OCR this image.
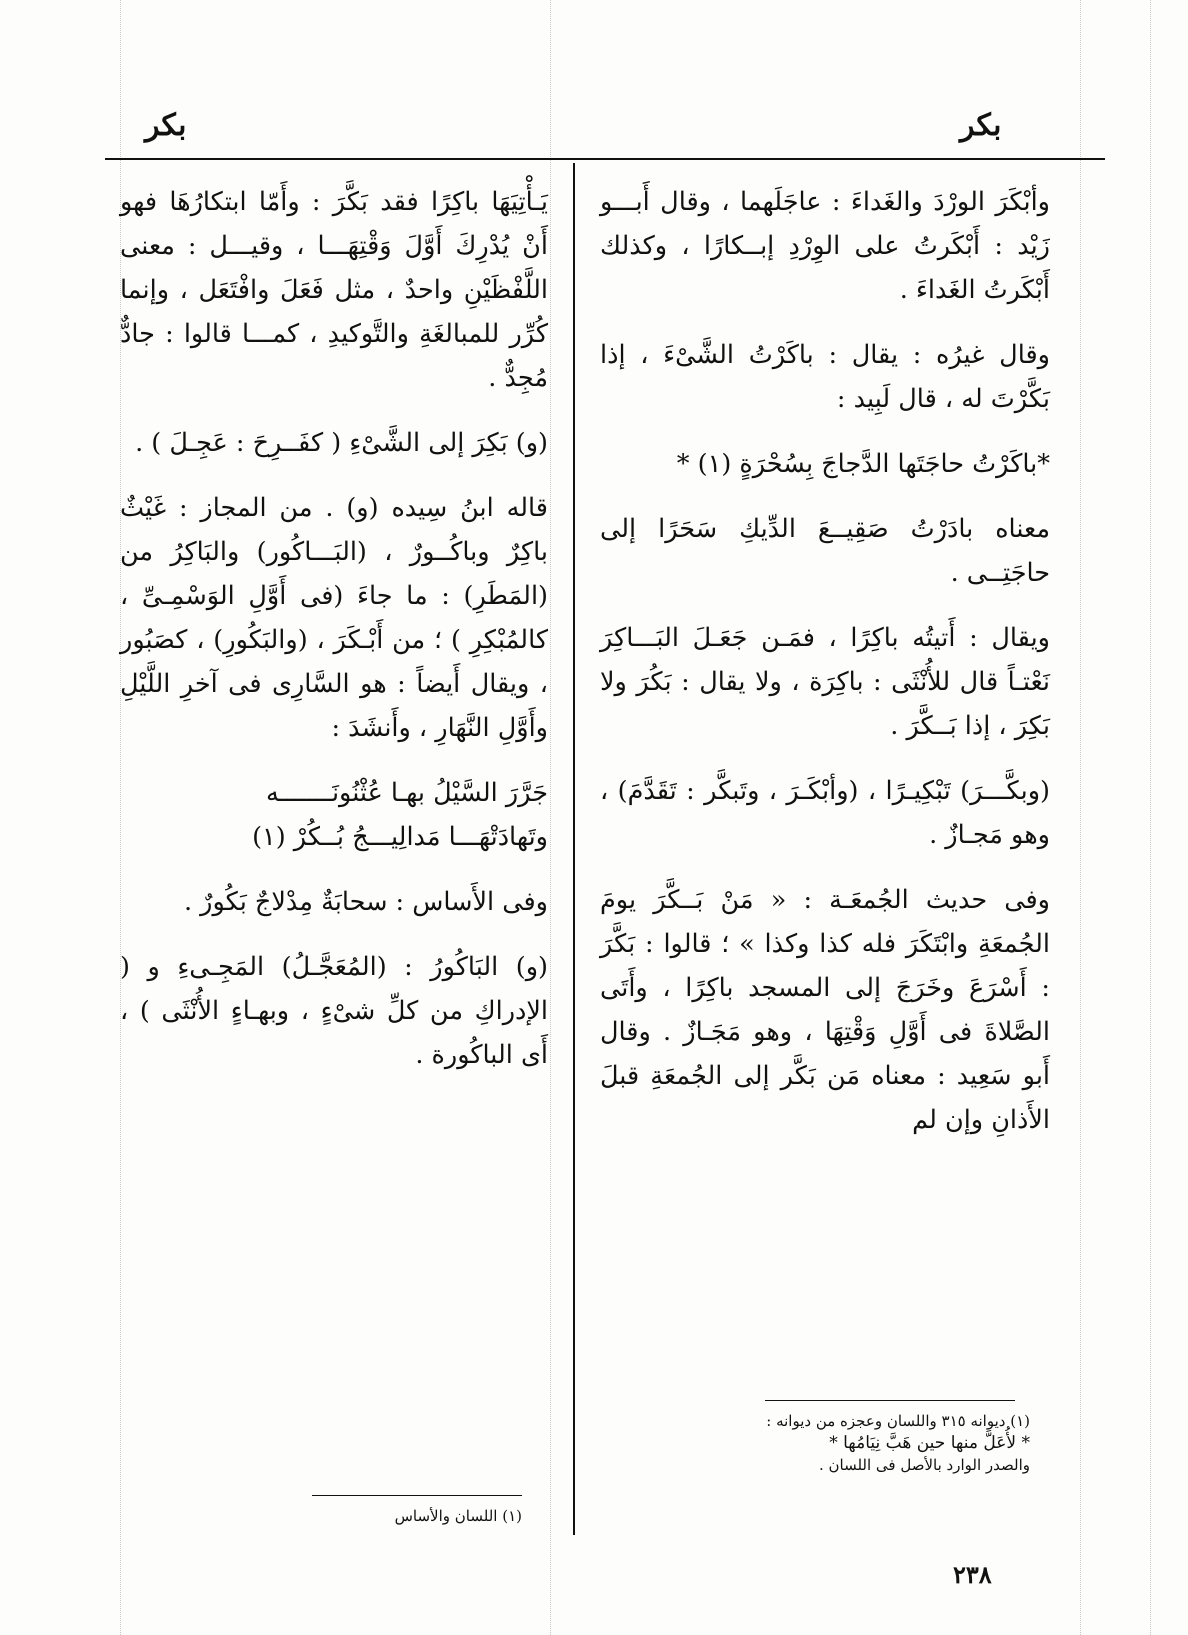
بكر
بكر

وأبْكَرَ الورْدَ والغَداءَ : عاجَلَهما ، وقال أَبـــو زَيْد : أَبْكَرتُ على الوِرْدِ إبــكارًا ، وكذلك أَبْكَرتُ الغَداءَ .

وقال غيرُه : يقال : باكَرْتُ الشَّىْءَ ، إذا بَكَّرْتَ له ، قال لَبِيد :

*باكَرْتُ حاجَتَها الدَّجاجَ بِسُحْرَةٍ (١) *

معناه بادَرْتُ صَقِيــعَ الدِّيكِ سَحَرًا إلى حاجَتِــى .

ويقال : أَتيتُه باكِرًا ، فمَـن جَعَـلَ البَـــاكِرَ نَعْتـاً قال للأُنْثَى : باكِرَة ، ولا يقال : بَكُرَ ولا بَكِرَ ، إذا بَــكَّرَ .

(وبكَّـــرَ) تَبْكِيـرًا ، (وأبْكَـرَ ، وتَبكَّر : تَقَدَّمَ) ، وهو مَجـازٌ .

وفى حديث الجُمعَـة : « مَنْ بَــكَّرَ يومَ الجُمعَةِ وابْتَكَرَ فله كذا وكذا » ؛ قالوا : بَكَّرَ : أَسْرَعَ وخَرَجَ إلى المسجد باكِرًا ، وأَتَى الصَّلاةَ فى أَوَّلِ وَقْتِهَا ، وهو مَجَـازٌ . وقال أَبو سَعِيد : معناه مَن بَكَّر إلى الجُمعَةِ قبلَ الأَذانِ وإن لم

يَـأْتِيَهَا باكِرًا فقد بَكَّرَ : وأَمّا ابتكارُهَا فهو أَنْ يُدْرِكَ أَوَّلَ وَقْتِهَـــا ، وقيـــل : معنى اللَّفْظَيْنِ واحدٌ ، مثل فَعَلَ وافْتَعَل ، وإنما كُرِّر للمبالغَةِ والتَّوكيدِ ، كمـــا قالوا : جادٌّ مُجِدٌّ .

(و) بَكِرَ إلى الشَّىْءِ ( كفَــرِحَ : عَجِـلَ ) .

قاله ابنُ سِيده (و) . من المجاز : غَيْثٌ باكِرٌ وباكُــورٌ ، (البَـــاكُور) والبَاكِرُ من (المَطَرِ) : ما جاءَ (فى أَوَّلِ الوَسْمِـىِّ ، كالمُبْكِرِ ) ؛ من أَبْـكَرَ ، (والبَكُورِ) ، كصَبُور ، ويقال أَيضاً : هو السَّارِى فى آخرِ اللَّيْلِ وأَوَّلِ النَّهَارِ ، وأَنشَدَ :

جَرَّرَ السَّيْلُ بهـا عُثْنُونَـــــــه

وتَهادَتْهَـــا مَدالِيـــجُ بُــكُرْ (١)

وفى الأَساس : سحابَةٌ مِدْلاجٌ بَكُورٌ .

(و) البَاكُورُ : (المُعَجَّـلُ) المَجِـىءِ و ( الإدراكِ من كلِّ شىْءٍ ، وبهـاءٍ الأُنْثَى ) ، أَى الباكُورة .

(١) ديوانه ٣١٥ واللسان وعجزه من ديوانه :

* لأُعَلَّ منها حين هَبَّ نِيَامُها *

والصدر الوارد بالأصل فى اللسان .

(١) اللسان والأساس

٢٣٨
